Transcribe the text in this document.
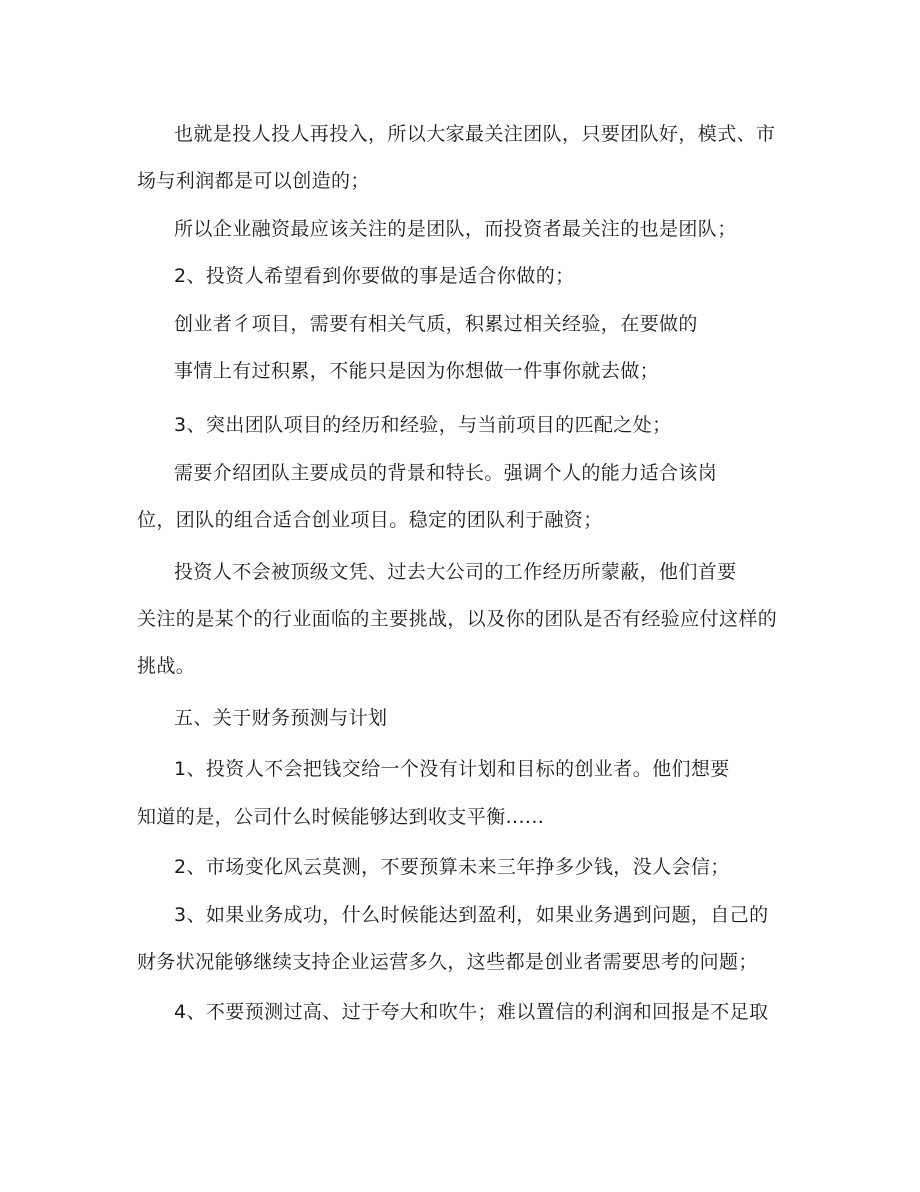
也就是投人投人再投入，所以大家最关注团队，只要团队好，模式、市
场与利润都是可以创造的；
所以企业融资最应该关注的是团队，而投资者最关注的也是团队；
2、投资人希望看到你要做的事是适合你做的；
创业者彳项目，需要有相关气质，积累过相关经验，在要做的
事情上有过积累，不能只是因为你想做一件事你就去做；
3、突出团队项目的经历和经验，与当前项目的匹配之处；
需要介绍团队主要成员的背景和特长。强调个人的能力适合该岗
位，团队的组合适合创业项目。稳定的团队利于融资；
投资人不会被顶级文凭、过去大公司的工作经历所蒙蔽，他们首要
关注的是某个的行业面临的主要挑战，以及你的团队是否有经验应付这样的
挑战。
五、关于财务预测与计划
1、投资人不会把钱交给一个没有计划和目标的创业者。他们想要
知道的是，公司什么时候能够达到收支平衡......
2、市场变化风云莫测，不要预算未来三年挣多少钱，没人会信；
3、如果业务成功，什么时候能达到盈利，如果业务遇到问题，自己的
财务状况能够继续支持企业运营多久，这些都是创业者需要思考的问题；
4、不要预测过高、过于夸大和吹牛；难以置信的利润和回报是不足取
